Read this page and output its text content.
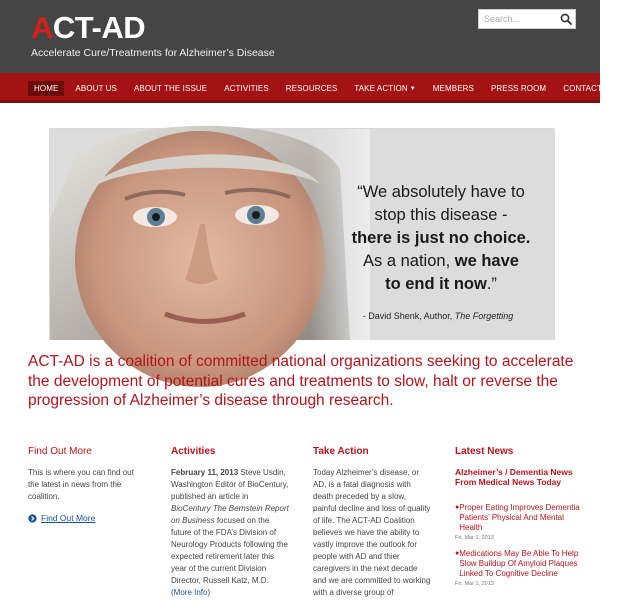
ACT-AD
Accelerate Cure/Treatments for Alzheimer’s Disease
Search...
HOME	ABOUT US	ABOUT THE ISSUE	ACTIVITIES	RESOURCES	TAKE ACTION ▼	MEMBERS	PRESS ROOM	CONTACT US
“We absolutely have to
stop this disease -
there is just no choice.
As a nation, we have
to end it now.”
- David Shenk, Author, The Forgetting
ACT-AD is a coalition of committed national organizations seeking to accelerate the development of potential cures and treatments to slow, halt or reverse the progression of Alzheimer’s disease through research.
Find Out More

This is where you can find out the latest in news from the coalition.

Find Out More
Activities

February 11, 2013 Steve Usdin, Washington Editor of BioCentury, published an article in BioCentury The Bernstein Report on Business focused on the future of the FDA’s Division of Neurology Products following the expected retirement later this year of the current Division Director, Russell Katz, M.D.
(More Info)

Take Action

Today Alzheimer’s disease, or AD, is a fatal diagnosis with death preceded by a slow, painful decline and loss of quality of life. The ACT-AD Coalition believes we have the ability to vastly improve the outlook for people with AD and thier caregivers in the next decade and we are committed to working with a diverse group of

Latest News
Alzheimer’s / Dementia News From Medical News Today
● Proper Eating Improves Dementia Patients’ Physical And Mental Health
Fri, Mar 1, 2013
● Medications May Be Able To Help Slow Buildup Of Amyloid Plaques Linked To Cognitive Decline
Fri, Mar 1, 2013
